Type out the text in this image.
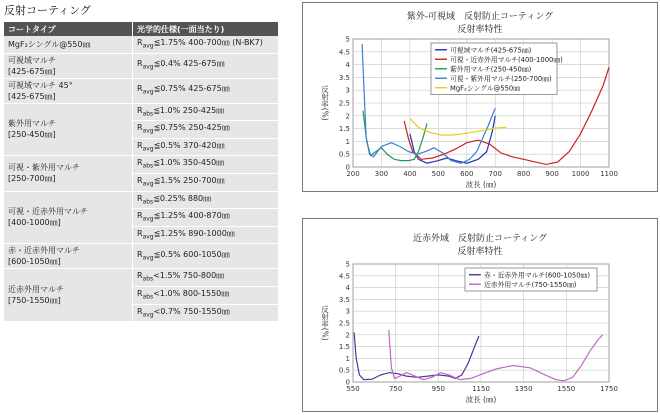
反射コーティング
コートタイプ	光学的仕様(一面当たり)
MgF₂シングル@550㎚	$R_{avg}≦1.75\%$ 400-700㎚ (N-BK7)
可視域マルチ
[425-675㎚]	$R_{avg}≦0.4\%$ 425-675㎚
可視域マルチ 45°
[425-675㎚]	$R_{avg}≦0.75\%$ 425-675㎚
紫外用マルチ
[250-450㎚]	$R_{abs}≦1.0\%$ 250-425㎚
	$R_{avg}≦0.75\%$ 250-425㎚
	$R_{avg}≦0.5\%$ 370-420㎚
可視・紫外用マルチ
[250-700㎚]	$R_{abs}≦1.0\%$ 350-450㎚
	$R_{avg}≦1.5\%$ 250-700㎚
可視・近赤外用マルチ
[400-1000㎚]	$R_{abs}≦0.25\%$ 880㎚
	$R_{avg}≦1.25\%$ 400-870㎚
	$R_{avg}≦1.25\%$ 890-1000㎚
赤・近赤外用マルチ
[600-1050㎚]	$R_{avg}≦0.5\%$ 600-1050㎚
近赤外用マルチ
[750-1550㎚]	$R_{abs}<1.5\%$ 750-800㎚
	$R_{abs}<1.0\%$ 800-1550㎚
	$R_{avg}<0.7\%$ 750-1550㎚
紫外-可視域　反射防止コーティング
反射率特性
0
0.5
1
1.5
2
2.5
3
3.5
4
4.5
5
200 300 400 500 600 700 800 900 1000 1100
波長 (㎚)
反射率(%)
可視域マルチ(425-675㎚)
可視・近赤外用マルチ(400-1000㎚)
紫外用マルチ(250-450㎚)
可視・紫外用マルチ(250-700㎚)
MgF₂シングル@550㎚
近赤外域　反射防止コーティング
反射率特性
0
0.5
1
1.5
2
2.5
3
3.5
4
4.5
5
550	750	950	1150	1350	1550	1750
波長 (㎚)
反射率(%)
赤・近赤外用マルチ(600-1050㎚)
近赤外用マルチ(750-1550㎚)
